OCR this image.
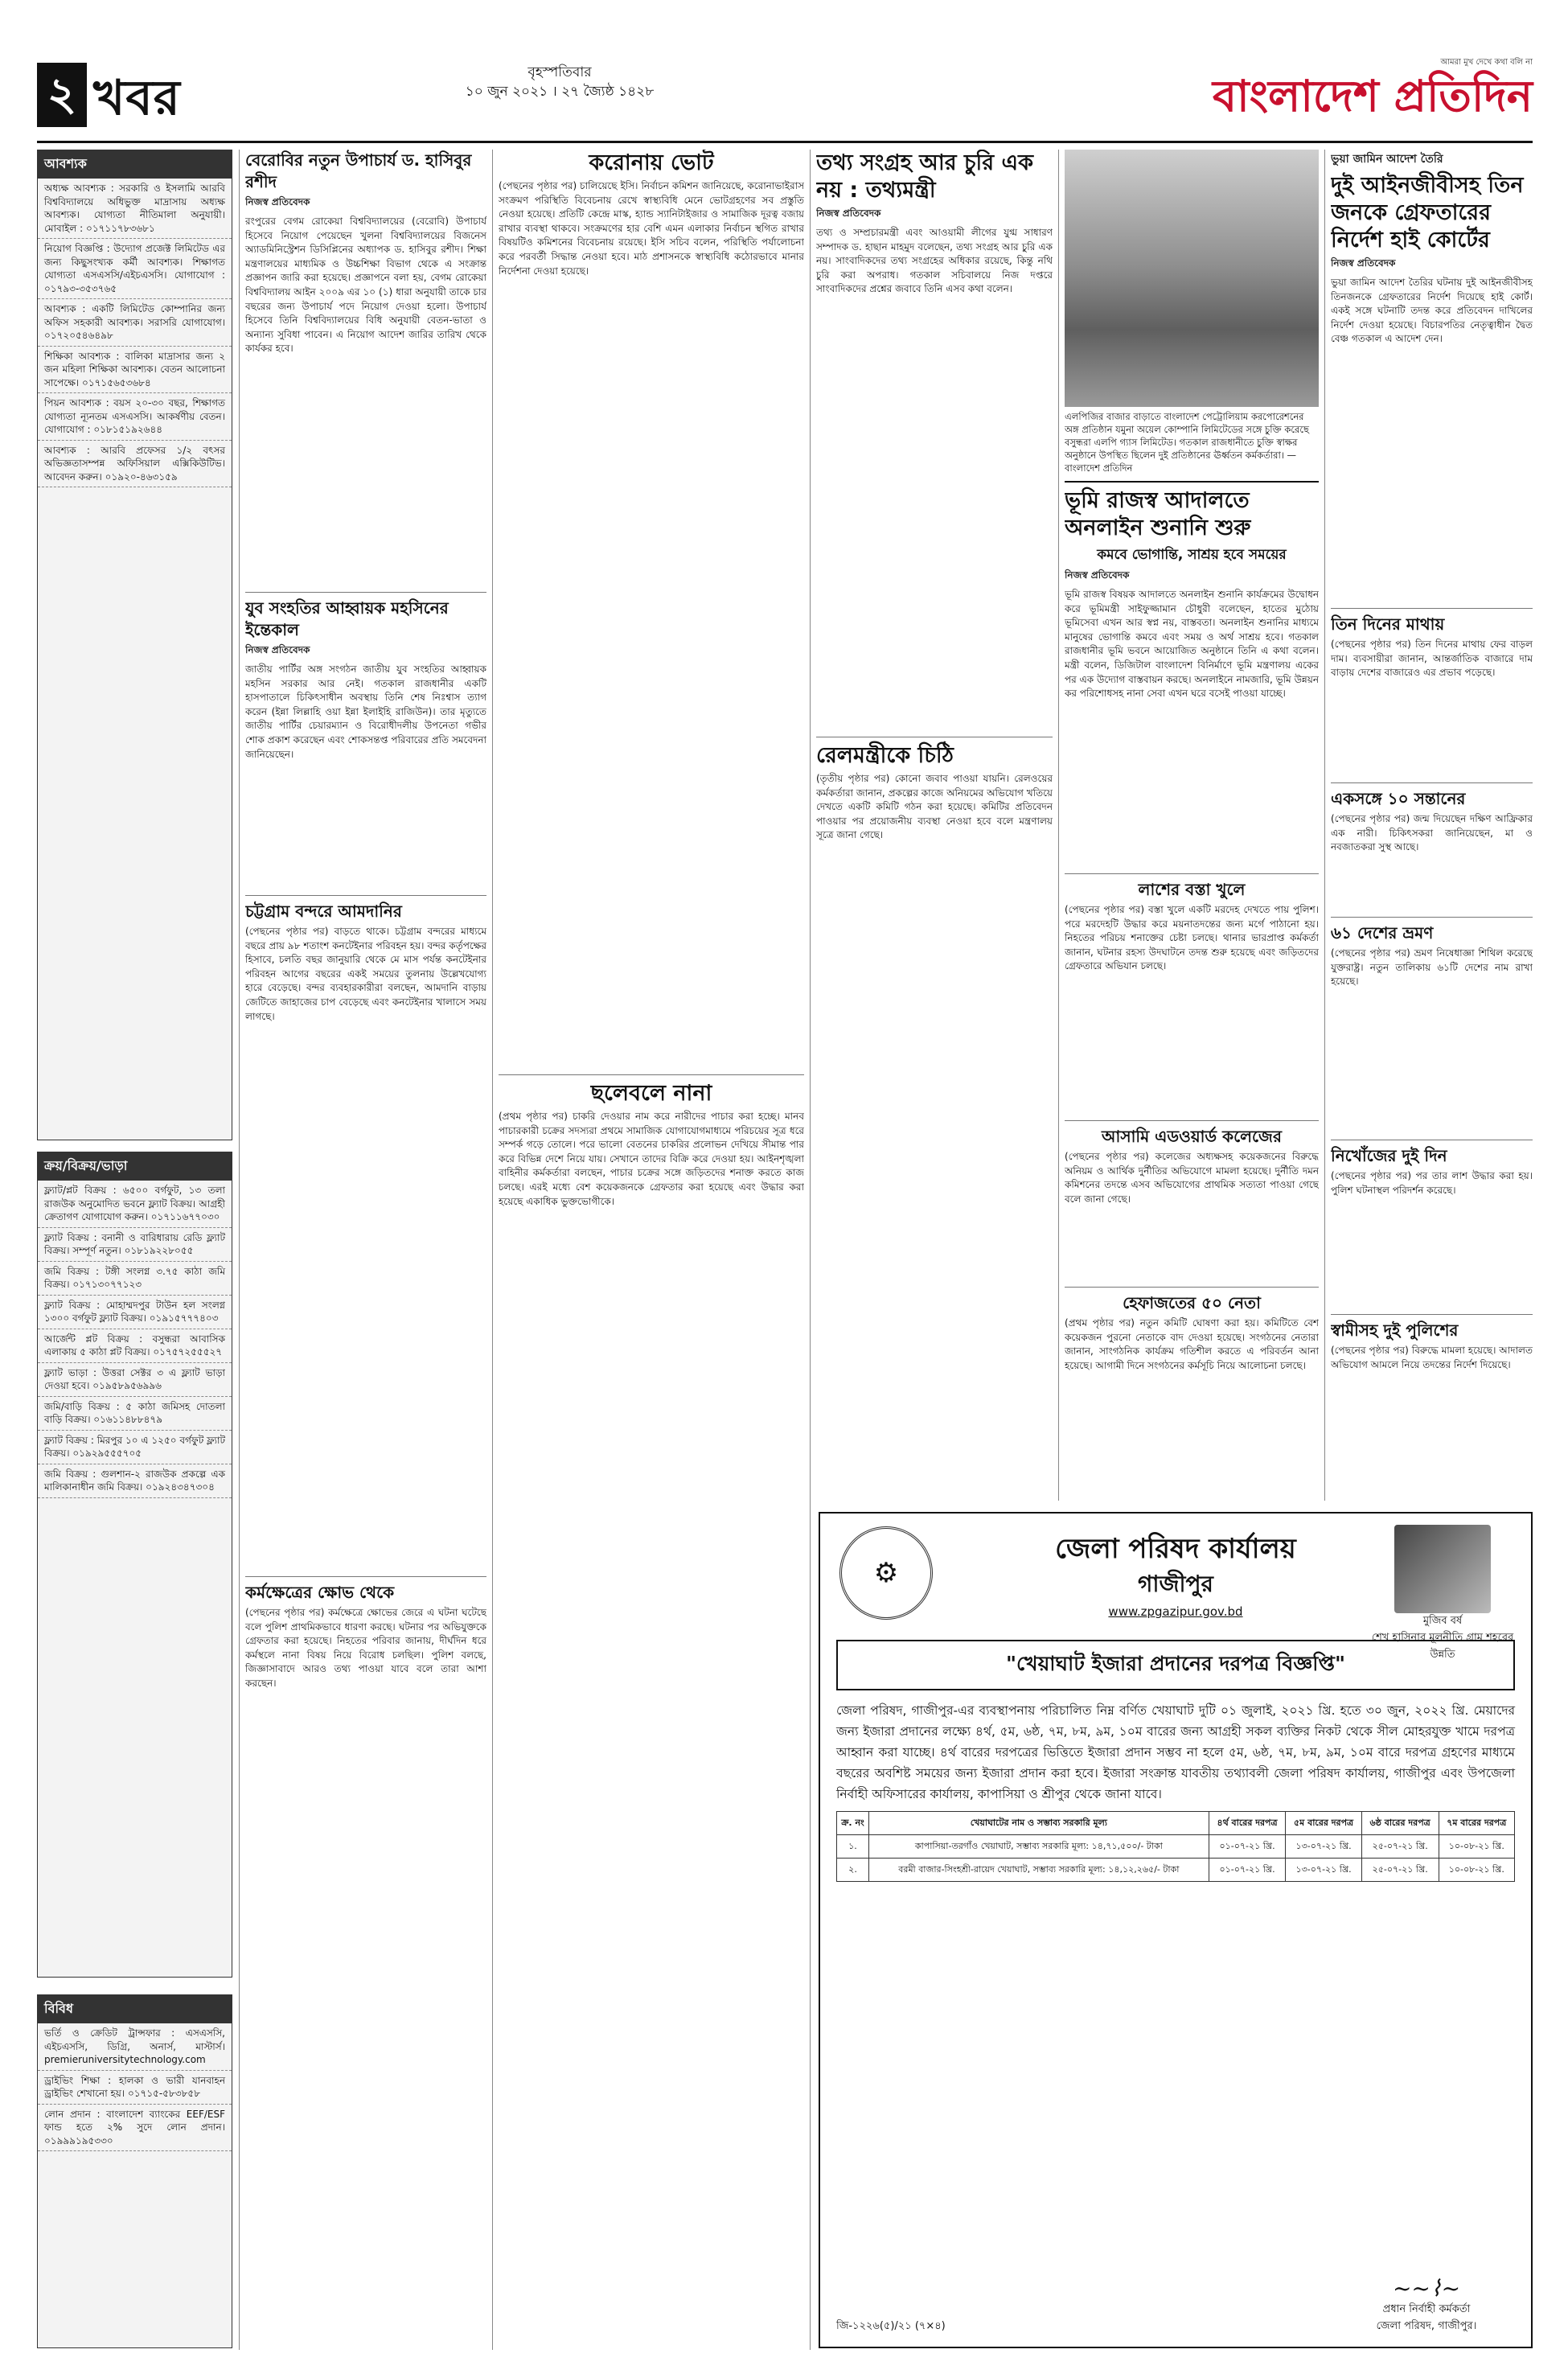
২ খবর	বৃহস্পতিবার
১০ জুন ২০২১ । ২৭ জ্যৈষ্ঠ ১৪২৮
আমরা মুখ দেখে কথা বলি না
বাংলাদেশ প্রতিদিন
আবশ্যক
অধ্যক্ষ আবশ্যক : সরকারি ও ইসলামি আরবি বিশ্ববিদ্যালয়ে অধিভুক্ত মাদ্রাসায় অধ্যক্ষ আবশ্যক। যোগ্যতা নীতিমালা অনুযায়ী। মোবাইল : ০১৭১১৭৮৩৬৮১
নিয়োগ বিজ্ঞপ্তি : উদ্যোগ প্রজেক্ট লিমিটেড এর জন্য কিছুসংখ্যক কর্মী আবশ্যক। শিক্ষাগত যোগ্যতা এসএসসি/এইচএসসি। যোগাযোগ : ০১৭৯৩-৩৫৩৭৬৫
আবশ্যক : একটি লিমিটেড কোম্পানির জন্য অফিস সহকারী আবশ্যক। সরাসরি যোগাযোগ। ০১৭২০৫৪৬৪৯৮
শিক্ষিকা আবশ্যক : বালিকা মাদ্রাসার জন্য ২ জন মহিলা শিক্ষিকা আবশ্যক। বেতন আলোচনা সাপেক্ষে। ০১৭১৫৬৫৩৬৮৪
পিয়ন আবশ্যক : বয়স ২০-৩০ বছর, শিক্ষাগত যোগ্যতা ন্যূনতম এসএসসি। আকর্ষণীয় বেতন। যোগাযোগ : ০১৮১৫১৯২৬৪৪
আবশ্যক : আরবি প্রফেসর ১/২ বৎসর অভিজ্ঞতাসম্পন্ন অফিসিয়াল এক্সিকিউটিভ। আবেদন করুন। ০১৯২০-৪৬৩১৫৯
ক্রয়/বিক্রয়/ভাড়া
ফ্ল্যাট/প্লট বিক্রয় : ৬৫০০ বর্গফুট, ১৩ তলা রাজউক অনুমোদিত ভবনে ফ্ল্যাট বিক্রয়। আগ্রহী ক্রেতাগণ যোগাযোগ করুন। ০১৭১১৬৭৭০৩০
ফ্ল্যাট বিক্রয় : বনানী ও বারিধারায় রেডি ফ্ল্যাট বিক্রয়। সম্পূর্ণ নতুন। ০১৮১৯২২৮০৫৫
জমি বিক্রয় : টঙ্গী সংলগ্ন ৩.৭৫ কাঠা জমি বিক্রয়। ০১৭১৩০৭৭১২৩
ফ্ল্যাট বিক্রয় : মোহাম্মদপুর টাউন হল সংলগ্ন ১৩০০ বর্গফুট ফ্ল্যাট বিক্রয়। ০১৯১৫৭৭৭৪০৩
আর্জেন্ট প্লট বিক্রয় : বসুন্ধরা আবাসিক এলাকায় ৫ কাঠা প্লট বিক্রয়। ০১৭৫৭২৫৫৫২৭
ফ্ল্যাট ভাড়া : উত্তরা সেক্টর ৩ এ ফ্ল্যাট ভাড়া দেওয়া হবে। ০১৯৫৮৯৫৬৯৯৬
জমি/বাড়ি বিক্রয় : ৫ কাঠা জমিসহ দোতলা বাড়ি বিক্রয়। ০১৬১১৪৮৮৪৭৯
ফ্ল্যাট বিক্রয় : মিরপুর ১০ এ ১২৫০ বর্গফুট ফ্ল্যাট বিক্রয়। ০১৯২৯৫৫৫৭০৫
জমি বিক্রয় : গুলশান-২ রাজউক প্রকল্পে এক মালিকানাধীন জমি বিক্রয়। ০১৯২৪৩৪৭৩০৪
বেরোবির নতুন উপাচার্য ড. হাসিবুর রশীদ
নিজস্ব প্রতিবেদক
রংপুরের বেগম রোকেয়া বিশ্ববিদ্যালয়ের (বেরোবি) উপাচার্য হিসেবে নিয়োগ পেয়েছেন খুলনা বিশ্ববিদ্যালয়ের বিজনেস অ্যাডমিনিস্ট্রেশন ডিসিপ্লিনের অধ্যাপক ড. হাসিবুর রশীদ। শিক্ষা মন্ত্রণালয়ের মাধ্যমিক ও উচ্চশিক্ষা বিভাগ থেকে এ সংক্রান্ত প্রজ্ঞাপন জারি করা হয়েছে। প্রজ্ঞাপনে বলা হয়, বেগম রোকেয়া বিশ্ববিদ্যালয় আইন ২০০৯ এর ১০ (১) ধারা অনুযায়ী তাকে চার বছরের জন্য উপাচার্য পদে নিয়োগ দেওয়া হলো। উপাচার্য হিসেবে তিনি বিশ্ববিদ্যালয়ের বিধি অনুযায়ী বেতন-ভাতা ও অন্যান্য সুবিধা পাবেন। এ নিয়োগ আদেশ জারির তারিখ থেকে কার্যকর হবে।
যুব সংহতির আহ্বায়ক মহসিনের ইন্তেকাল
নিজস্ব প্রতিবেদক
জাতীয় পার্টির অঙ্গ সংগঠন জাতীয় যুব সংহতির আহ্বায়ক মহসিন সরকার আর নেই। গতকাল রাজধানীর একটি হাসপাতালে চিকিৎসাধীন অবস্থায় তিনি শেষ নিঃশ্বাস ত্যাগ করেন (ইন্না লিল্লাহি ওয়া ইন্না ইলাইহি রাজিউন)। তার মৃত্যুতে জাতীয় পার্টির চেয়ারম্যান ও বিরোধীদলীয় উপনেতা গভীর শোক প্রকাশ করেছেন এবং শোকসন্তপ্ত পরিবারের প্রতি সমবেদনা জানিয়েছেন।
চট্টগ্রাম বন্দরে আমদানির
(পেছনের পৃষ্ঠার পর) বাড়তে থাকে। চট্টগ্রাম বন্দরের মাধ্যমে বছরে প্রায় ৯৮ শতাংশ কনটেইনার পরিবহন হয়। বন্দর কর্তৃপক্ষের হিসাবে, চলতি বছর জানুয়ারি থেকে মে মাস পর্যন্ত কনটেইনার পরিবহন আগের বছরের একই সময়ের তুলনায় উল্লেখযোগ্য হারে বেড়েছে। বন্দর ব্যবহারকারীরা বলছেন, আমদানি বাড়ায় জেটিতে জাহাজের চাপ বেড়েছে এবং কনটেইনার খালাসে সময় লাগছে।
কর্মক্ষেত্রের ক্ষোভ থেকে
(পেছনের পৃষ্ঠার পর) কর্মক্ষেত্রে ক্ষোভের জেরে এ ঘটনা ঘটেছে বলে পুলিশ প্রাথমিকভাবে ধারণা করছে। ঘটনার পর অভিযুক্তকে গ্রেফতার করা হয়েছে। নিহতের পরিবার জানায়, দীর্ঘদিন ধরে কর্মস্থলে নানা বিষয় নিয়ে বিরোধ চলছিল। পুলিশ বলছে, জিজ্ঞাসাবাদে আরও তথ্য পাওয়া যাবে বলে তারা আশা করছেন।
করোনায় ভোট
(পেছনের পৃষ্ঠার পর) চালিয়েছে ইসি। নির্বাচন কমিশন জানিয়েছে, করোনাভাইরাস সংক্রমণ পরিস্থিতি বিবেচনায় রেখে স্বাস্থ্যবিধি মেনে ভোটগ্রহণের সব প্রস্তুতি নেওয়া হয়েছে। প্রতিটি কেন্দ্রে মাস্ক, হ্যান্ড স্যানিটাইজার ও সামাজিক দূরত্ব বজায় রাখার ব্যবস্থা থাকবে। সংক্রমণের হার বেশি এমন এলাকার নির্বাচন স্থগিত রাখার বিষয়টিও কমিশনের বিবেচনায় রয়েছে। ইসি সচিব বলেন, পরিস্থিতি পর্যালোচনা করে পরবর্তী সিদ্ধান্ত নেওয়া হবে। মাঠ প্রশাসনকে স্বাস্থ্যবিধি কঠোরভাবে মানার নির্দেশনা দেওয়া হয়েছে।
ছলেবলে নানা
(প্রথম পৃষ্ঠার পর) চাকরি দেওয়ার নাম করে নারীদের পাচার করা হচ্ছে। মানব পাচারকারী চক্রের সদস্যরা প্রথমে সামাজিক যোগাযোগমাধ্যমে পরিচয়ের সূত্র ধরে সম্পর্ক গড়ে তোলে। পরে ভালো বেতনের চাকরির প্রলোভন দেখিয়ে সীমান্ত পার করে বিভিন্ন দেশে নিয়ে যায়। সেখানে তাদের বিক্রি করে দেওয়া হয়। আইনশৃঙ্খলা বাহিনীর কর্মকর্তারা বলছেন, পাচার চক্রের সঙ্গে জড়িতদের শনাক্ত করতে কাজ চলছে। এরই মধ্যে বেশ কয়েকজনকে গ্রেফতার করা হয়েছে এবং উদ্ধার করা হয়েছে একাধিক ভুক্তভোগীকে।
তথ্য সংগ্রহ আর চুরি এক নয় : তথ্যমন্ত্রী
নিজস্ব প্রতিবেদক
তথ্য ও সম্প্রচারমন্ত্রী এবং আওয়ামী লীগের যুগ্ম সাধারণ সম্পাদক ড. হাছান মাহমুদ বলেছেন, তথ্য সংগ্রহ আর চুরি এক নয়। সাংবাদিকদের তথ্য সংগ্রহের অধিকার রয়েছে, কিন্তু নথি চুরি করা অপরাধ। গতকাল সচিবালয়ে নিজ দপ্তরে সাংবাদিকদের প্রশ্নের জবাবে তিনি এসব কথা বলেন।
রেলমন্ত্রীকে চিঠি
(তৃতীয় পৃষ্ঠার পর) কোনো জবাব পাওয়া যায়নি। রেলওয়ের কর্মকর্তারা জানান, প্রকল্পের কাজে অনিয়মের অভিযোগ খতিয়ে দেখতে একটি কমিটি গঠন করা হয়েছে। কমিটির প্রতিবেদন পাওয়ার পর প্রয়োজনীয় ব্যবস্থা নেওয়া হবে বলে মন্ত্রণালয় সূত্রে জানা গেছে।
এলপিজির বাজার বাড়াতে বাংলাদেশ পেট্রোলিয়াম করপোরেশনের অঙ্গ প্রতিষ্ঠান যমুনা অয়েল কোম্পানি লিমিটেডের সঙ্গে চুক্তি করেছে বসুন্ধরা এলপি গ্যাস লিমিটেড। গতকাল রাজধানীতে চুক্তি স্বাক্ষর অনুষ্ঠানে উপস্থিত ছিলেন দুই প্রতিষ্ঠানের ঊর্ধ্বতন কর্মকর্তারা। —বাংলাদেশ প্রতিদিন
ভূমি রাজস্ব আদালতে অনলাইন শুনানি শুরু
কমবে ভোগান্তি, সাশ্রয় হবে সময়ের
নিজস্ব প্রতিবেদক
ভূমি রাজস্ব বিষয়ক আদালতে অনলাইন শুনানি কার্যক্রমের উদ্বোধন করে ভূমিমন্ত্রী সাইফুজ্জামান চৌধুরী বলেছেন, হাতের মুঠোয় ভূমিসেবা এখন আর স্বপ্ন নয়, বাস্তবতা। অনলাইন শুনানির মাধ্যমে মানুষের ভোগান্তি কমবে এবং সময় ও অর্থ সাশ্রয় হবে। গতকাল রাজধানীর ভূমি ভবনে আয়োজিত অনুষ্ঠানে তিনি এ কথা বলেন। মন্ত্রী বলেন, ডিজিটাল বাংলাদেশ বিনির্মাণে ভূমি মন্ত্রণালয় একের পর এক উদ্যোগ বাস্তবায়ন করছে। অনলাইনে নামজারি, ভূমি উন্নয়ন কর পরিশোধসহ নানা সেবা এখন ঘরে বসেই পাওয়া যাচ্ছে।
লাশের বস্তা খুলে
(পেছনের পৃষ্ঠার পর) বস্তা খুলে একটি মরদেহ দেখতে পায় পুলিশ। পরে মরদেহটি উদ্ধার করে ময়নাতদন্তের জন্য মর্গে পাঠানো হয়। নিহতের পরিচয় শনাক্তের চেষ্টা চলছে। থানার ভারপ্রাপ্ত কর্মকর্তা জানান, ঘটনার রহস্য উদঘাটনে তদন্ত শুরু হয়েছে এবং জড়িতদের গ্রেফতারে অভিযান চলছে।
আসামি এডওয়ার্ড কলেজের
(পেছনের পৃষ্ঠার পর) কলেজের অধ্যক্ষসহ কয়েকজনের বিরুদ্ধে অনিয়ম ও আর্থিক দুর্নীতির অভিযোগে মামলা হয়েছে। দুর্নীতি দমন কমিশনের তদন্তে এসব অভিযোগের প্রাথমিক সত্যতা পাওয়া গেছে বলে জানা গেছে।
হেফাজতের ৫০ নেতা
(প্রথম পৃষ্ঠার পর) নতুন কমিটি ঘোষণা করা হয়। কমিটিতে বেশ কয়েকজন পুরনো নেতাকে বাদ দেওয়া হয়েছে। সংগঠনের নেতারা জানান, সাংগঠনিক কার্যক্রম গতিশীল করতে এ পরিবর্তন আনা হয়েছে। আগামী দিনে সংগঠনের কর্মসূচি নিয়ে আলোচনা চলছে।
ভুয়া জামিন আদেশ তৈরি
দুই আইনজীবীসহ তিন জনকে গ্রেফতারের নির্দেশ হাই কোর্টের
নিজস্ব প্রতিবেদক
ভুয়া জামিন আদেশ তৈরির ঘটনায় দুই আইনজীবীসহ তিনজনকে গ্রেফতারের নির্দেশ দিয়েছে হাই কোর্ট। একই সঙ্গে ঘটনাটি তদন্ত করে প্রতিবেদন দাখিলের নির্দেশ দেওয়া হয়েছে। বিচারপতির নেতৃত্বাধীন দ্বৈত বেঞ্চ গতকাল এ আদেশ দেন।
তিন দিনের মাথায়
(পেছনের পৃষ্ঠার পর) তিন দিনের মাথায় ফের বাড়ল দাম। ব্যবসায়ীরা জানান, আন্তর্জাতিক বাজারে দাম বাড়ায় দেশের বাজারেও এর প্রভাব পড়েছে।
একসঙ্গে ১০ সন্তানের
(পেছনের পৃষ্ঠার পর) জন্ম দিয়েছেন দক্ষিণ আফ্রিকার এক নারী। চিকিৎসকরা জানিয়েছেন, মা ও নবজাতকরা সুস্থ আছে।
৬১ দেশের ভ্রমণ
(পেছনের পৃষ্ঠার পর) ভ্রমণ নিষেধাজ্ঞা শিথিল করেছে যুক্তরাষ্ট্র। নতুন তালিকায় ৬১টি দেশের নাম রাখা হয়েছে।
নিখোঁজের দুই দিন
(পেছনের পৃষ্ঠার পর) পর তার লাশ উদ্ধার করা হয়। পুলিশ ঘটনাস্থল পরিদর্শন করেছে।
স্বামীসহ দুই পুলিশের
(পেছনের পৃষ্ঠার পর) বিরুদ্ধে মামলা হয়েছে। আদালত অভিযোগ আমলে নিয়ে তদন্তের নির্দেশ দিয়েছে।
⚙
মুজিব বর্ষ
শেখ হাসিনার মূলনীতি গ্রাম শহরের উন্নতি
জেলা পরিষদ কার্যালয়
গাজীপুর
www.zpgazipur.gov.bd
"খেয়াঘাট ইজারা প্রদানের দরপত্র বিজ্ঞপ্তি"
জেলা পরিষদ, গাজীপুর-এর ব্যবস্থাপনায় পরিচালিত নিম্ন বর্ণিত খেয়াঘাট দুটি ০১ জুলাই, ২০২১ খ্রি. হতে ৩০ জুন, ২০২২ খ্রি. মেয়াদের জন্য ইজারা প্রদানের লক্ষ্যে ৪র্থ, ৫ম, ৬ষ্ঠ, ৭ম, ৮ম, ৯ম, ১০ম বারের জন্য আগ্রহী সকল ব্যক্তির নিকট থেকে সীল মোহরযুক্ত খামে দরপত্র আহ্বান করা যাচ্ছে। ৪র্থ বারের দরপত্রের ভিত্তিতে ইজারা প্রদান সম্ভব না হলে ৫ম, ৬ষ্ঠ, ৭ম, ৮ম, ৯ম, ১০ম বারে দরপত্র গ্রহণের মাধ্যমে বছরের অবশিষ্ট সময়ের জন্য ইজারা প্রদান করা হবে। ইজারা সংক্রান্ত যাবতীয় তথ্যাবলী জেলা পরিষদ কার্যালয়, গাজীপুর এবং উপজেলা নির্বাহী অফিসারের কার্যালয়, কাপাসিয়া ও শ্রীপুর থেকে জানা যাবে।
ক্র. নং	খেয়াঘাটের নাম ও সম্ভাব্য সরকারি মূল্য	৪র্থ বারের দরপত্র	৫ম বারের দরপত্র	৬ষ্ঠ বারের দরপত্র	৭ম বারের দরপত্র
১.	কাপাসিয়া-তরগাঁও খেয়াঘাট, সম্ভাব্য সরকারি মূল্য: ১৪,৭১,৫০০/- টাকা	০১-০৭-২১ খ্রি.	১৩-০৭-২১ খ্রি.	২৫-০৭-২১ খ্রি.	১০-০৮-২১ খ্রি.
২.	বরমী বাজার-সিংহশ্রী-রায়েদ খেয়াঘাট, সম্ভাব্য সরকারি মূল্য: ১৪,১২,২৬৫/- টাকা	০১-০৭-২১ খ্রি.	১৩-০৭-২১ খ্রি.	২৫-০৭-২১ খ্রি.	১০-০৮-২১ খ্রি.
জি-১২২৬(৫)/২১ (৭×৪)
~~⌇~
প্রধান নির্বাহী কর্মকর্তা
জেলা পরিষদ, গাজীপুর।
বিবিধ
ভর্তি ও ক্রেডিট ট্রান্সফার : এসএসসি, এইচএসসি, ডিগ্রি, অনার্স, মাস্টার্স। premieruniversitytechnology.com
ড্রাইভিং শিক্ষা : হালকা ও ভারী যানবাহন ড্রাইভিং শেখানো হয়। ০১৭১৫-৫৮৩৮৫৮
লোন প্রদান : বাংলাদেশ ব্যাংকের EEF/ESF ফান্ড হতে ২% সুদে লোন প্রদান। ০১৯৯৯১৯৫৩৩০
